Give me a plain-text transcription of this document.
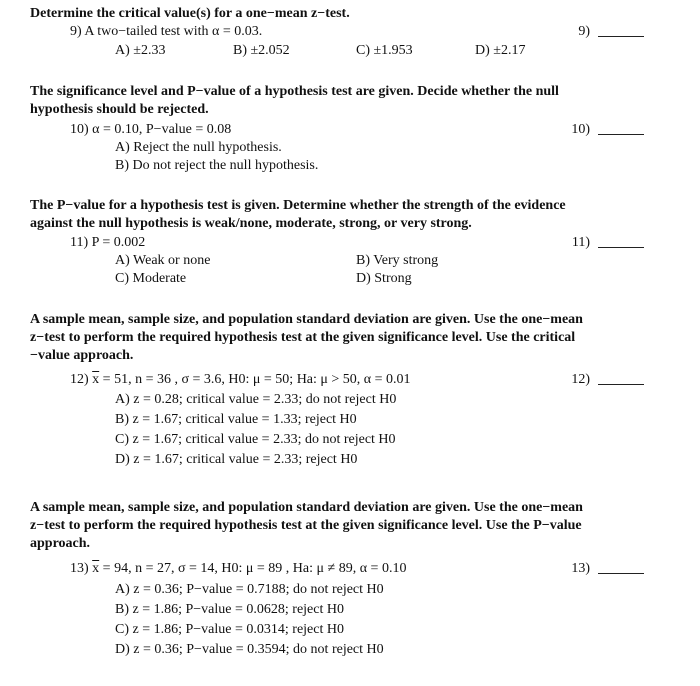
Determine the critical value(s) for a one−mean z−test.
9) A two−tailed test with α = 0.03.	9)
A) ±2.33	B) ±2.052	C) ±1.953	D) ±2.17
The significance level and P−value of a hypothesis test are given. Decide whether the null
hypothesis should be rejected.
10) α = 0.10, P−value = 0.08	10)
A) Reject the null hypothesis.
B) Do not reject the null hypothesis.
The P−value for a hypothesis test is given. Determine whether the strength of the evidence
against the null hypothesis is weak/none, moderate, strong, or very strong.
11) P = 0.002	11)
A) Weak or none	B) Very strong
C) Moderate	D) Strong
A sample mean, sample size, and population standard deviation are given. Use the one−mean
z−test to perform the required hypothesis test at the given significance level. Use the critical
−value approach.
12) $\overline{x} = 51$, n = 36 , σ = 3.6, H0: μ = 50; Ha: μ > 50, α = 0.01	12)
A) z = 0.28; critical value = 2.33; do not reject H0
B) z = 1.67; critical value = 1.33; reject H0
C) z = 1.67; critical value = 2.33; do not reject H0
D) z = 1.67; critical value = 2.33; reject H0
A sample mean, sample size, and population standard deviation are given. Use the one−mean
z−test to perform the required hypothesis test at the given significance level. Use the P−value
approach.
13) $\overline{x} = 94$, n = 27, σ = 14, H0: μ = 89 , Ha: μ ≠ 89, α = 0.10	13)
A) z = 0.36; P−value = 0.7188; do not reject H0
B) z = 1.86; P−value = 0.0628; reject H0
C) z = 1.86; P−value = 0.0314; reject H0
D) z = 0.36; P−value = 0.3594; do not reject H0
